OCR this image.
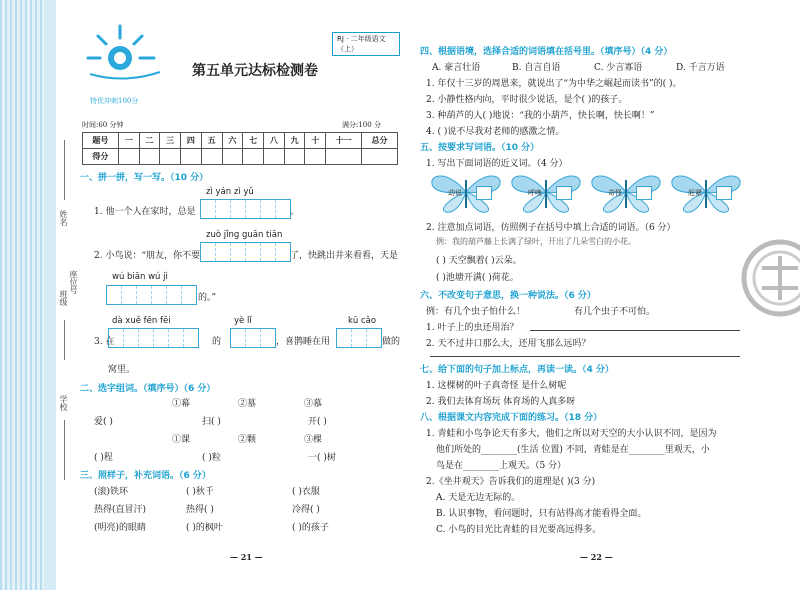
姓名
班级
座位号
学校
特优冲刺100分
第五单元达标检测卷
RJ · 二年级语文（上）
时间:60 分钟	满分:100 分
题号	一	二	三	四	五	六	七	八	九	十	十一	总分
得分												
一、拼一拼，写一写。（10 分）
zì yán zì yǔ
1. 他一个人在家时，总是	。
zuò jǐng guān tiān
2. 小鸟说：“朋友，你不要	了，快跳出井来看看，天是
wú biān wú jì
的。”
dà xuě fēn fēi	yè lǐ	kū cǎo
3. 在	的	，喜鹊睡在用	做的
窝里。
二、选字组词。（填序号）（6 分）
①幕	②墓	③慕
爱( )	扫( )	开( )
①课	②颗	③棵
( )程	( )粒	一( )树
三、照样子，补充词语。（6 分）
(滚)铁环	( )秋千	( )衣服
热得(直冒汗)	热得( )	冷得( )
(明亮)的眼睛	( )的枫叶	( )的孩子
— 21 —
四、根据语境，选择合适的词语填在括号里。（填序号）（4 分）
A. 豪言壮语	B. 自言自语	C. 少言寡语	D. 千言万语
1. 年仅十三岁的周恩来，就说出了“为中华之崛起而读书”的( )。
2. 小静性格内向，平时很少说话，是个( )的孩子。
3. 种葫芦的人( )地说：“我的小葫芦，快长啊，快长啊！”
4. ( )说不尽我对老师的感激之情。
五、按要求写词语。（10 分）
1. 写出下面词语的近义词。（4 分）
动说	呼唤	奇怪	赶紧
2. 注意加点词语，仿照例子在括号中填上合适的词语。（6 分）
例：我的葫芦藤上长满了绿叶，开出了几朵雪白的小花。
( ) 天空飘着( )云朵。
( )池塘开满( )荷花。
六、不改变句子意思，换一种说法。（6 分）
例：有几个虫子怕什么！	有几个虫子不可怕。
1. 叶子上的虫还用治？
2. 天不过井口那么大，还用飞那么远吗？
七、给下面的句子加上标点，再读一读。（4 分）
1. 这棵树的叶子真奇怪 是什么树呢
2. 我们去体育场玩 体育场的人真多呀
八、根据课文内容完成下面的练习。（18 分）
1. 青蛙和小鸟争论天有多大，他们之所以对天空的大小认识不同，是因为
他们所处的________(生活 位置) 不同，青蛙是在________里观天，小
鸟是在________上观天。（5 分）
2.《坐井观天》告诉我们的道理是( )(3 分)
A. 天是无边无际的。
B. 认识事物，看问题时，只有站得高才能看得全面。
C. 小鸟的目光比青蛙的目光要高远得多。
— 22 —
